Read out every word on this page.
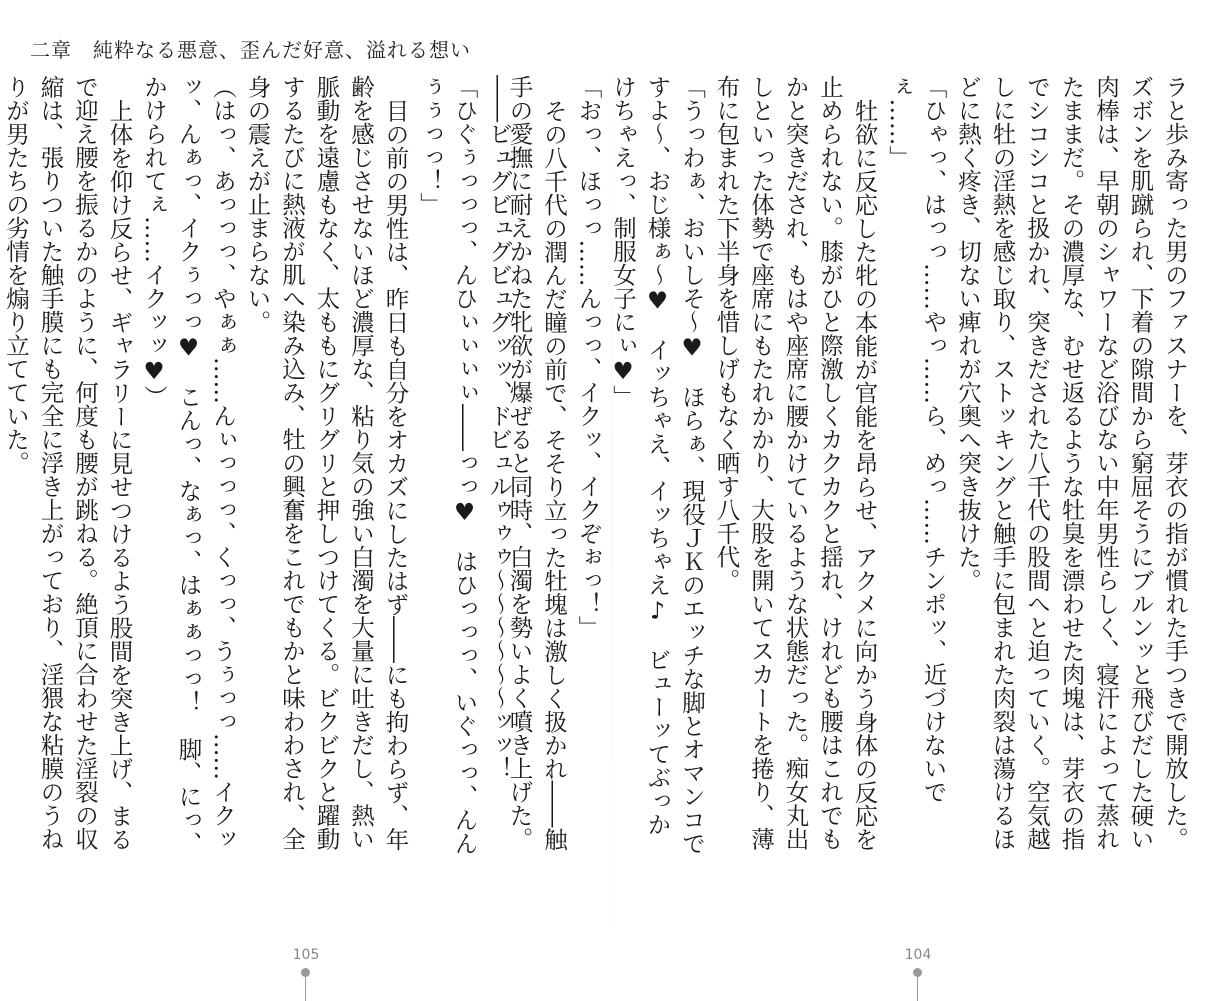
二章　純粋なる悪意、歪んだ好意、溢れる想い

――ビュグビュグビュグッッ、ドビュルゥゥゥ～～～～～～ッッ！

「ひぐぅっっっ、んひぃぃぃぃ――っっ♥　はひっっっ、いぐっっ、んんぅぅっっ！」

目の前の男性は、昨日も自分をオカズにしたはず――にも拘わらず、年齢を感じさせないほど濃厚な、粘り気の強い白濁を大量に吐きだし、熱い脈動を遠慮もなく、太ももにグリグリと押しつけてくる。ビクビクと躍動するたびに熱液が肌へ染み込み、牡の興奮をこれでもかと味わわされ、全身の震えが止まらない。

（はっ、あっっっ、やぁぁ……んぃっっっ、くっっ、うぅっっ……イクッッ、んぁっ、イクぅっっ♥　こんっ、なぁっ、はぁぁっっ！　脚、にっ、かけられてぇ……イクッッ♥）

上体を仰け反らせ、ギャラリーに見せつけるよう股間を突き上げ、まるで迎え腰を振るかのように、何度も腰が跳ねる。絶頂に合わせた淫裂の収縮は、張りついた触手膜にも完全に浮き上がっており、淫猥な粘膜のうねりが男たちの劣情を煽り立てていた。	ラと歩み寄った男のファスナーを、芽衣の指が慣れた手つきで開放した。ズボンを肌蹴られ、下着の隙間から窮屈そうにブルンッと飛びだした硬い肉棒は、早朝のシャワーなど浴びない中年男性らしく、寝汗によって蒸れたままだ。その濃厚な、むせ返るような牡臭を漂わせた肉塊は、芽衣の指でシコシコと扱かれ、突きだされた八千代の股間へと迫っていく。空気越しに牡の淫熱を感じ取り、ストッキングと触手に包まれた肉裂は蕩けるほどに熱く疼き、切ない痺れが穴奥へ突き抜けた。

「ひゃっ、はっっ……やっ……ら、めっ……チンポッ、近づけないでぇ……」

牡欲に反応した牝の本能が官能を昂らせ、アクメに向かう身体の反応を止められない。膝がひと際激しくカクカクと揺れ、けれども腰はこれでもかと突きだされ、もはや座席に腰かけているような状態だった。痴女丸出しといった体勢で座席にもたれかかり、大股を開いてスカートを捲り、薄布に包まれた下半身を惜しげもなく晒す八千代。

「うっわぁ、おいしそ～♥　ほらぁ、現役ＪＫのエッチな脚とオマンコですよ～、おじ様ぁ～♥　イッちゃえ、イッちゃえ♪　ビューッてぶっかけちゃえっ、制服女子にぃ♥」

「おっ、ほっっ……んっっ、イクッ、イクぞぉっ！」

その八千代の潤んだ瞳の前で、そそり立った牡塊は激しく扱かれ――触手の愛撫に耐えかねた牝欲が爆ぜると同時、白濁を勢いよく噴き上げた。

105	104
